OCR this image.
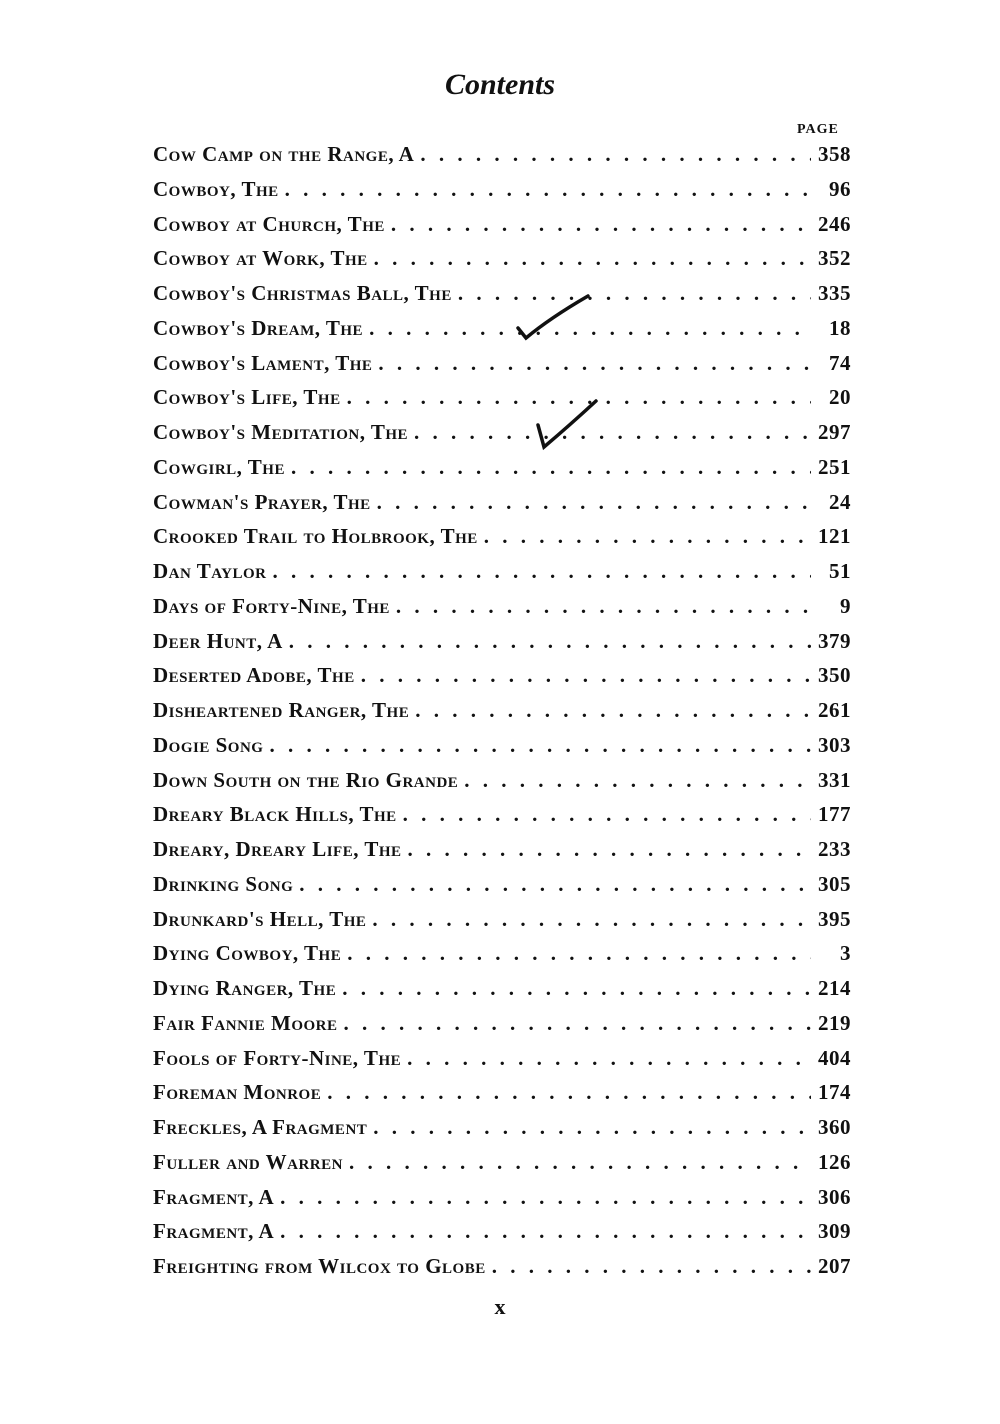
Contents
PAGE
Cow Camp on the Range, A . . .	358
Cowboy, The . . .	96
Cowboy at Church, The . . .	246
Cowboy at Work, The . . .	352
Cowboy's Christmas Ball, The . . .	335
Cowboy's Dream, The . . .	18
Cowboy's Lament, The . . .	74
Cowboy's Life, The . . .	20
Cowboy's Meditation, The . . .	297
Cowgirl, The . . .	251
Cowman's Prayer, The . . .	24
Crooked Trail to Holbrook, The . . .	121
Dan Taylor . . .	51
Days of Forty-Nine, The . . .	9
Deer Hunt, A . . .	379
Deserted Adobe, The . . .	350
Disheartened Ranger, The . . .	261
Dogie Song . . .	303
Down South on the Rio Grande . . .	331
Dreary Black Hills, The . . .	177
Dreary, Dreary Life, The . . .	233
Drinking Song . . .	305
Drunkard's Hell, The . . .	395
Dying Cowboy, The . . .	3
Dying Ranger, The . . .	214
Fair Fannie Moore . . .	219
Fools of Forty-Nine, The . . .	404
Foreman Monroe . . .	174
Freckles, A Fragment . . .	360
Fuller and Warren . . .	126
Fragment, A . . .	306
Fragment, A . . .	309
Freighting from Wilcox to Globe . . .	207
x
